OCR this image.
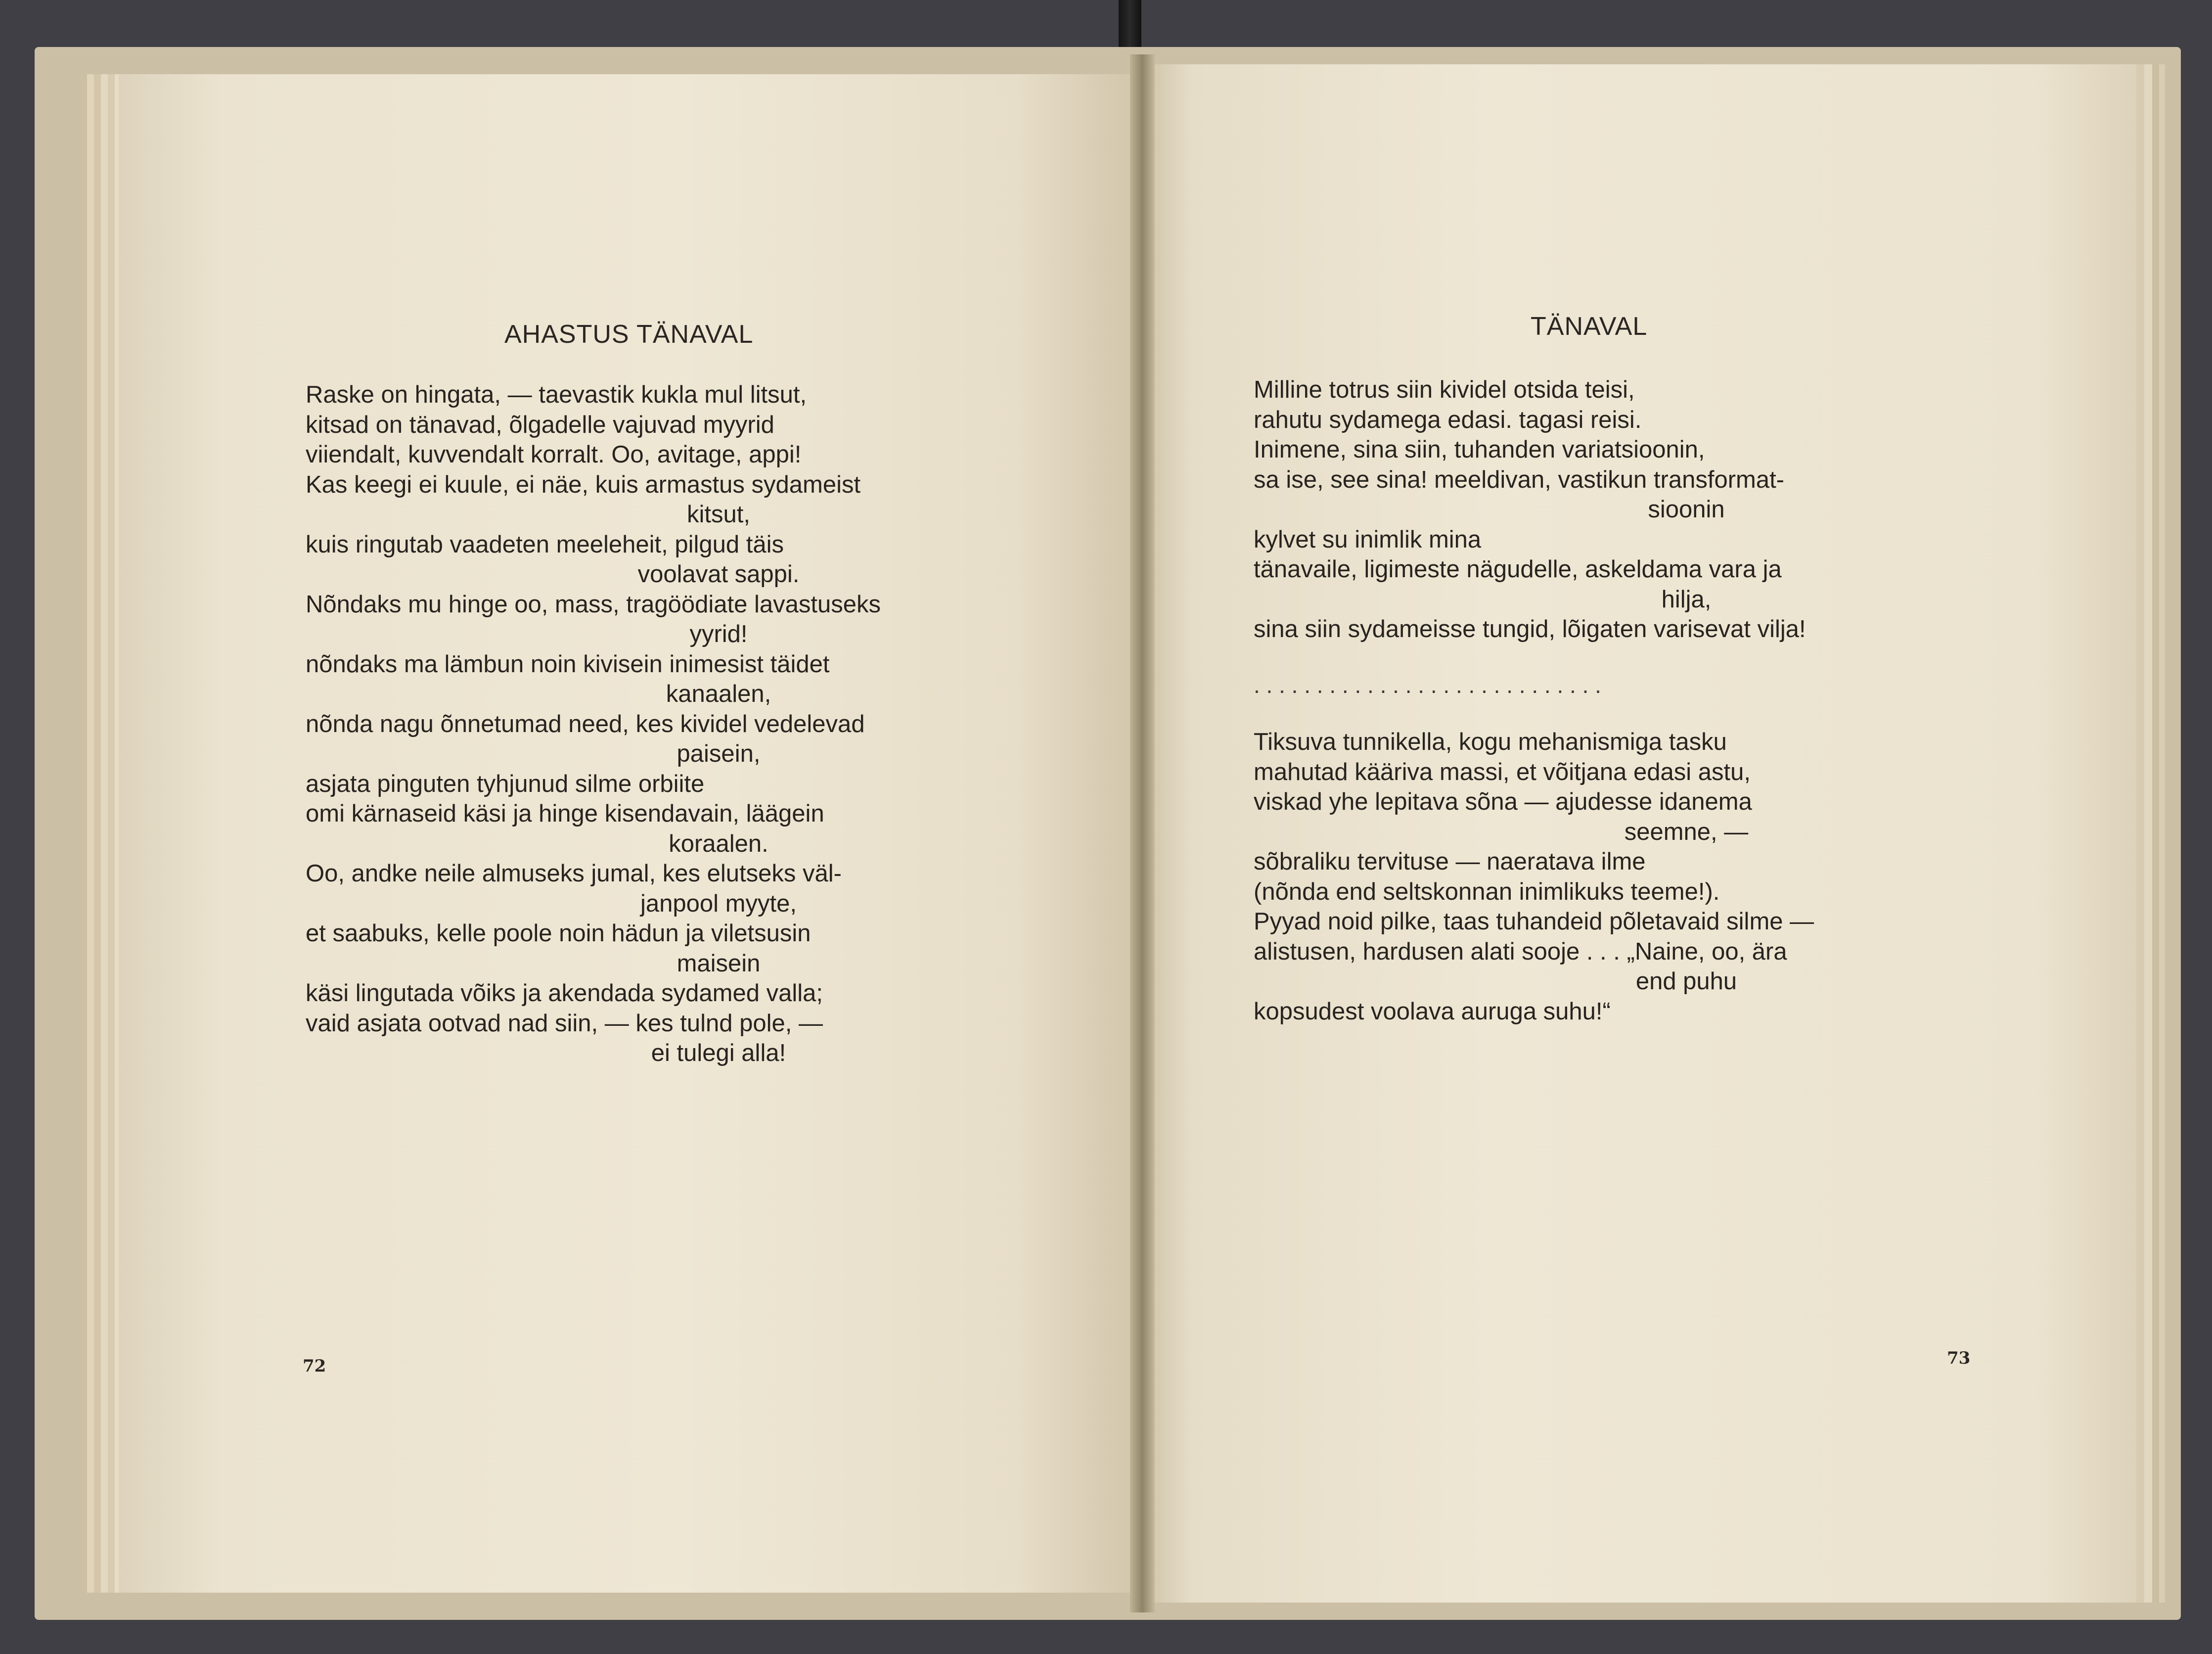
AHASTUS TÄNAVAL
Raske on hingata, — taevastik kukla mul litsut,
kitsad on tänavad, õlgadelle vajuvad myyrid
viiendalt, kuvvendalt korralt. Oo, avitage, appi!
Kas keegi ei kuule, ei näe, kuis armastus sydameist
kitsut,
kuis ringutab vaadeten meeleheit, pilgud täis
voolavat sappi.
Nõndaks mu hinge oo, mass, tragöödiate lavastuseks
yyrid!
nõndaks ma lämbun noin kivisein inimesist täidet
kanaalen,
nõnda nagu õnnetumad need, kes kividel vedelevad
paisein,
asjata pinguten tyhjunud silme orbiite
omi kärnaseid käsi ja hinge kisendavain, läägein
koraalen.
Oo, andke neile almuseks jumal, kes elutseks väl-
janpool myyte,
et saabuks, kelle poole noin hädun ja viletsusin
maisein
käsi lingutada võiks ja akendada sydamed valla;
vaid asjata ootvad nad siin, — kes tulnd pole, —
ei tulegi alla!
72
TÄNAVAL
Milline totrus siin kividel otsida teisi,
rahutu sydamega edasi. tagasi reisi.
Inimene, sina siin, tuhanden variatsioonin,
sa ise, see sina! meeldivan, vastikun transformat-
sioonin
kylvet su inimlik mina
tänavaile, ligimeste nägudelle, askeldama vara ja
hilja,
sina siin sydameisse tungid, lõigaten varisevat vilja!
. . . . . . . . . . . . . . . . . . . . . . . . . . . .
Tiksuva tunnikella, kogu mehanismiga tasku
mahutad kääriva massi, et võitjana edasi astu,
viskad yhe lepitava sõna — ajudesse idanema
seemne, —
sõbraliku tervituse — naeratava ilme
(nõnda end seltskonnan inimlikuks teeme!).
Pyyad noid pilke, taas tuhandeid põletavaid silme —
alistusen, hardusen alati sooje . . . „Naine, oo, ära
end puhu
kopsudest voolava auruga suhu!“
73
